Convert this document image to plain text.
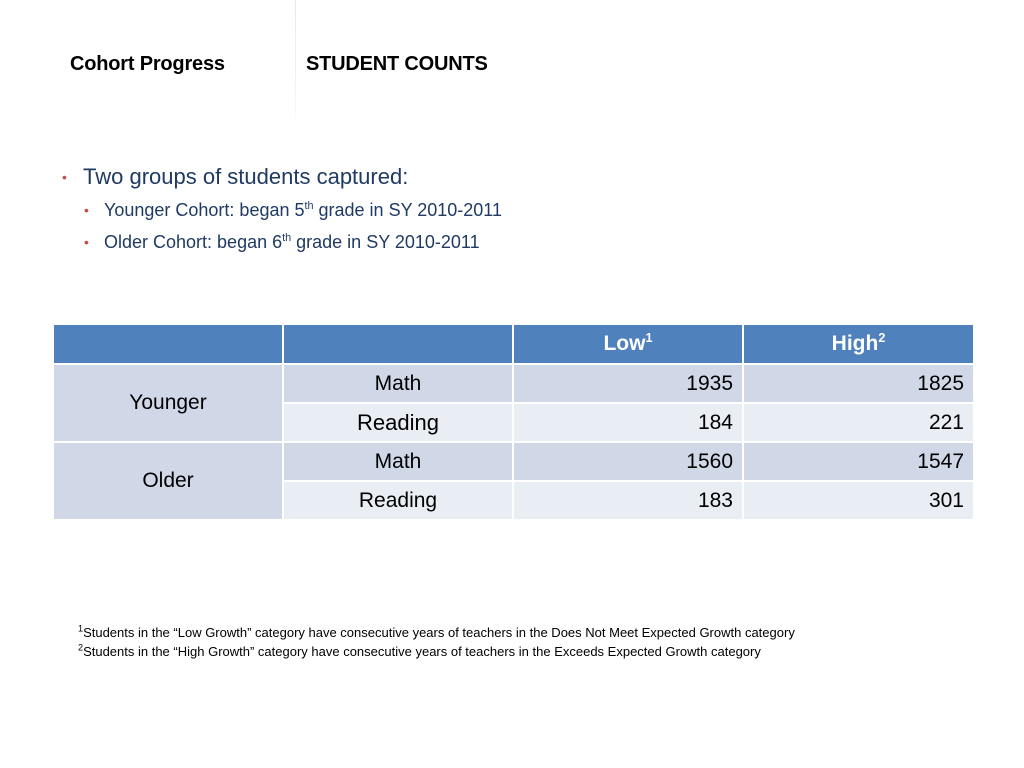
Cohort Progress	STUDENT COUNTS
• Two groups of students captured:
• Younger Cohort: began 5th grade in SY 2010-2011
• Older Cohort: began 6th grade in SY 2010-2011
		Low$^1$	High$^2$
Younger	Math	1935	1825
	Reading	184	221
Older	Math	1560	1547
	Reading	183	301
$^1$Students in the “Low Growth” category have consecutive years of teachers in the Does Not Meet Expected Growth category
$^2$Students in the “High Growth” category have consecutive years of teachers in the Exceeds Expected Growth category
